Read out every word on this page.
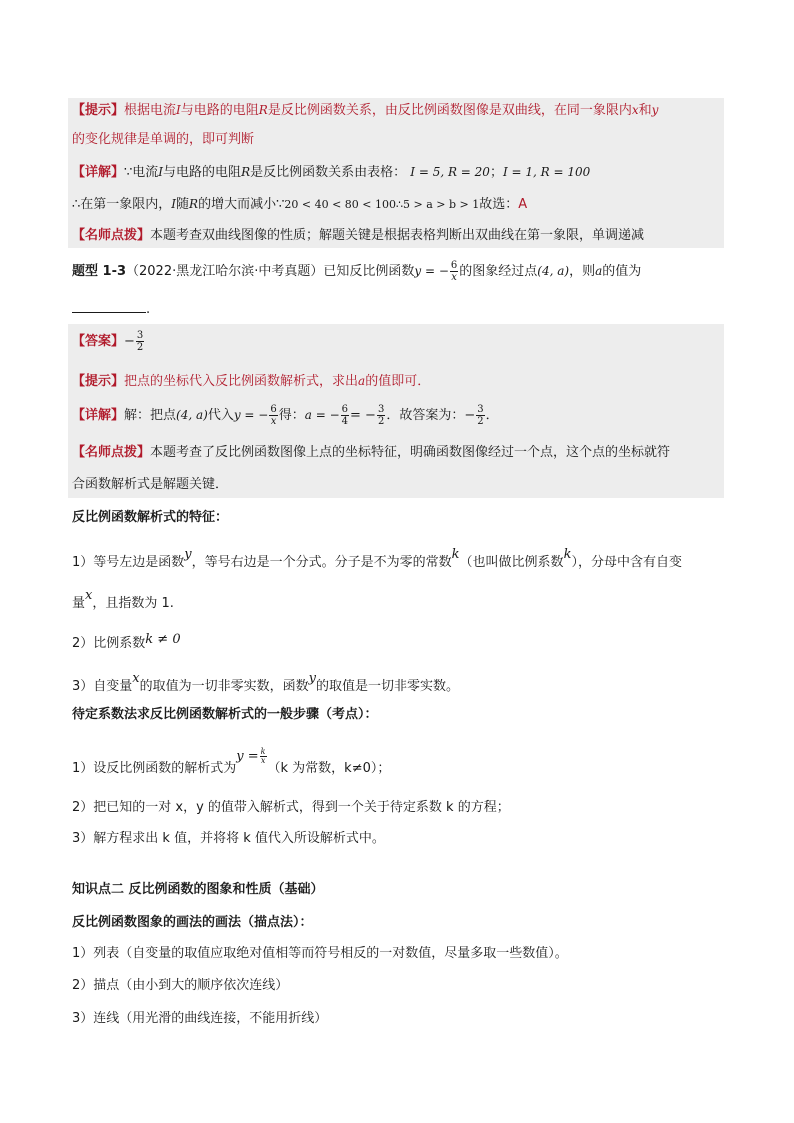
【提示】根据电流I与电路的电阻R是反比例函数关系，由反比例函数图像是双曲线，在同一象限内x和y
的变化规律是单调的，即可判断
【详解】∵电流I与电路的电阻R是反比例函数关系由表格： I = 5, R = 20；I = 1, R = 100
∴在第一象限内，I随R的增大而减小∵20 < 40 < 80 < 100∴5 > a > b > 1故选：A
【名师点拨】本题考查双曲线图像的性质；解题关键是根据表格判断出双曲线在第一象限，单调递减
题型 1-3（2022·黑龙江哈尔滨·中考真题）已知反比例函数y = − $\frac{6}{x}$ 的图象经过点(4, a)，则a的值为
.
【答案】− $\frac{3}{2}$
【提示】把点的坐标代入反比例函数解析式，求出a的值即可．
【详解】解：把点(4, a)代入y = − $\frac{6}{x}$ 得：a = − $\frac{6}{4}$ = − $\frac{3}{2}$ ．故答案为：− $\frac{3}{2}$ ．
【名师点拨】本题考查了反比例函数图像上点的坐标特征，明确函数图像经过一个点，这个点的坐标就符
合函数解析式是解题关键．
反比例函数解析式的特征：
1）等号左边是函数y，等号右边是一个分式。分子是不为零的常数k（也叫做比例系数k），分母中含有自变
量x，且指数为 1.
2）比例系数k ≠ 0
3）自变量x的取值为一切非零实数，函数y的取值是一切非零实数。
待定系数法求反比例函数解析式的一般步骤（考点）：
1）设反比例函数的解析式为$y = \frac{k}{x}$
（k 为常数，k≠0）；
2）把已知的一对 x，y 的值带入解析式，得到一个关于待定系数 k 的方程；
3）解方程求出 k 值，并将将 k 值代入所设解析式中。
知识点二 反比例函数的图象和性质（基础）
反比例函数图象的画法的画法（描点法）：
1）列表（自变量的取值应取绝对值相等而符号相反的一对数值，尽量多取一些数值）。
2）描点（由小到大的顺序依次连线）
3）连线（用光滑的曲线连接，不能用折线）
